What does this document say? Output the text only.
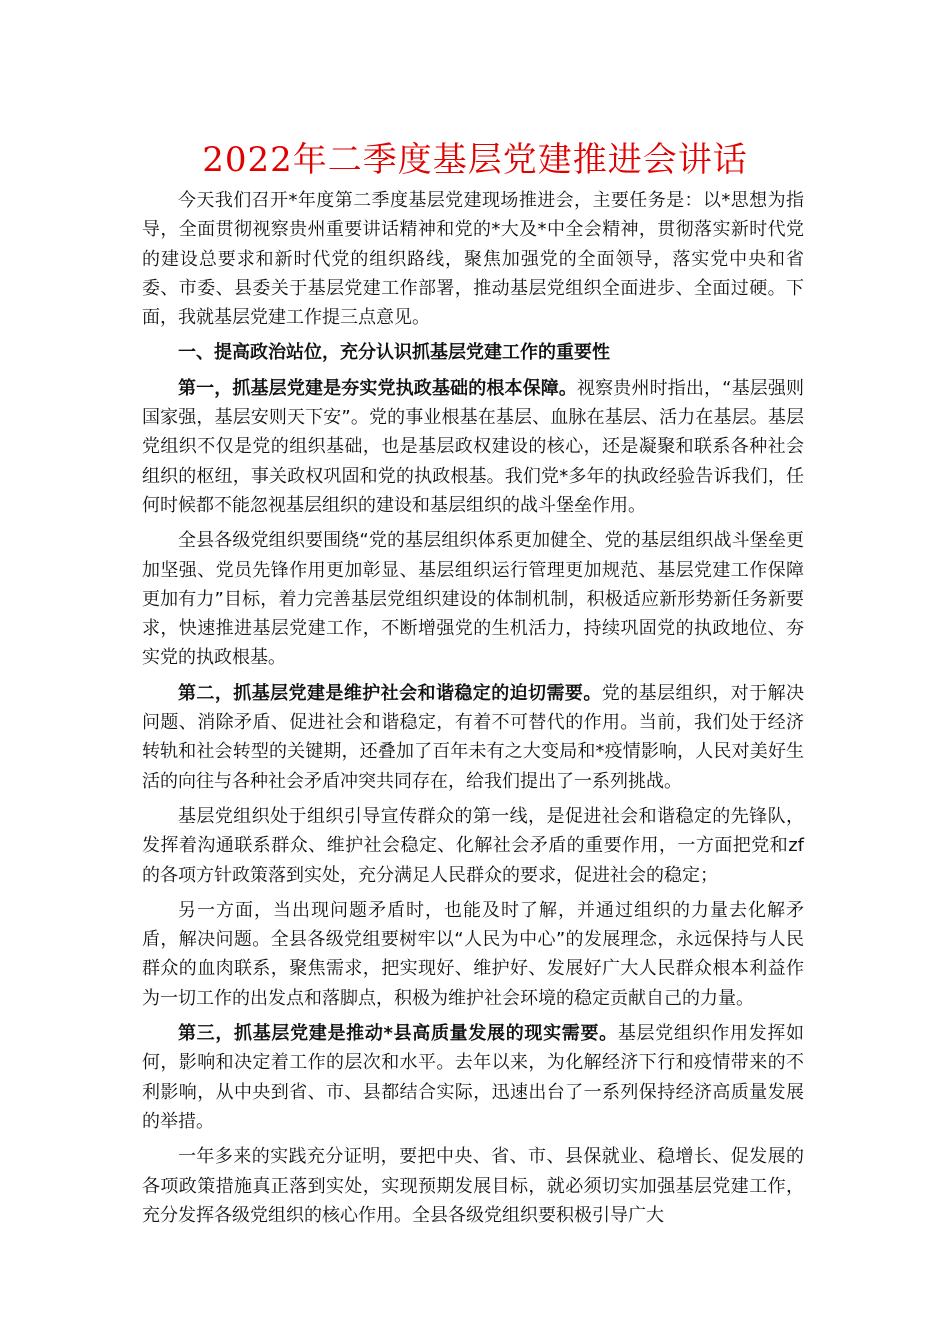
2022年二季度基层党建推进会讲话

今天我们召开*年度第二季度基层党建现场推进会，主要任务是：以*思想为指导，全面贯彻视察贵州重要讲话精神和党的*大及*中全会精神，贯彻落实新时代党的建设总要求和新时代党的组织路线，聚焦加强党的全面领导，落实党中央和省委、市委、县委关于基层党建工作部署，推动基层党组织全面进步、全面过硬。下面，我就基层党建工作提三点意见。

一、提高政治站位，充分认识抓基层党建工作的重要性

第一，抓基层党建是夯实党执政基础的根本保障。视察贵州时指出，“基层强则国家强，基层安则天下安”。党的事业根基在基层、血脉在基层、活力在基层。基层党组织不仅是党的组织基础，也是基层政权建设的核心，还是凝聚和联系各种社会组织的枢纽，事关政权巩固和党的执政根基。我们党*多年的执政经验告诉我们，任何时候都不能忽视基层组织的建设和基层组织的战斗堡垒作用。

全县各级党组织要围绕“党的基层组织体系更加健全、党的基层组织战斗堡垒更加坚强、党员先锋作用更加彰显、基层组织运行管理更加规范、基层党建工作保障更加有力”目标，着力完善基层党组织建设的体制机制，积极适应新形势新任务新要求，快速推进基层党建工作，不断增强党的生机活力，持续巩固党的执政地位、夯实党的执政根基。

第二，抓基层党建是维护社会和谐稳定的迫切需要。党的基层组织，对于解决问题、消除矛盾、促进社会和谐稳定，有着不可替代的作用。当前，我们处于经济转轨和社会转型的关键期，还叠加了百年未有之大变局和*疫情影响，人民对美好生活的向往与各种社会矛盾冲突共同存在，给我们提出了一系列挑战。

基层党组织处于组织引导宣传群众的第一线，是促进社会和谐稳定的先锋队，发挥着沟通联系群众、维护社会稳定、化解社会矛盾的重要作用，一方面把党和zf的各项方针政策落到实处，充分满足人民群众的要求，促进社会的稳定；

另一方面，当出现问题矛盾时，也能及时了解，并通过组织的力量去化解矛盾，解决问题。全县各级党组要树牢以“人民为中心”的发展理念，永远保持与人民群众的血肉联系，聚焦需求，把实现好、维护好、发展好广大人民群众根本利益作为一切工作的出发点和落脚点，积极为维护社会环境的稳定贡献自己的力量。

第三，抓基层党建是推动*县高质量发展的现实需要。基层党组织作用发挥如何，影响和决定着工作的层次和水平。去年以来，为化解经济下行和疫情带来的不利影响，从中央到省、市、县都结合实际，迅速出台了一系列保持经济高质量发展的举措。

一年多来的实践充分证明，要把中央、省、市、县保就业、稳增长、促发展的各项政策措施真正落到实处，实现预期发展目标，就必须切实加强基层党建工作，充分发挥各级党组织的核心作用。全县各级党组织要积极引导广大
